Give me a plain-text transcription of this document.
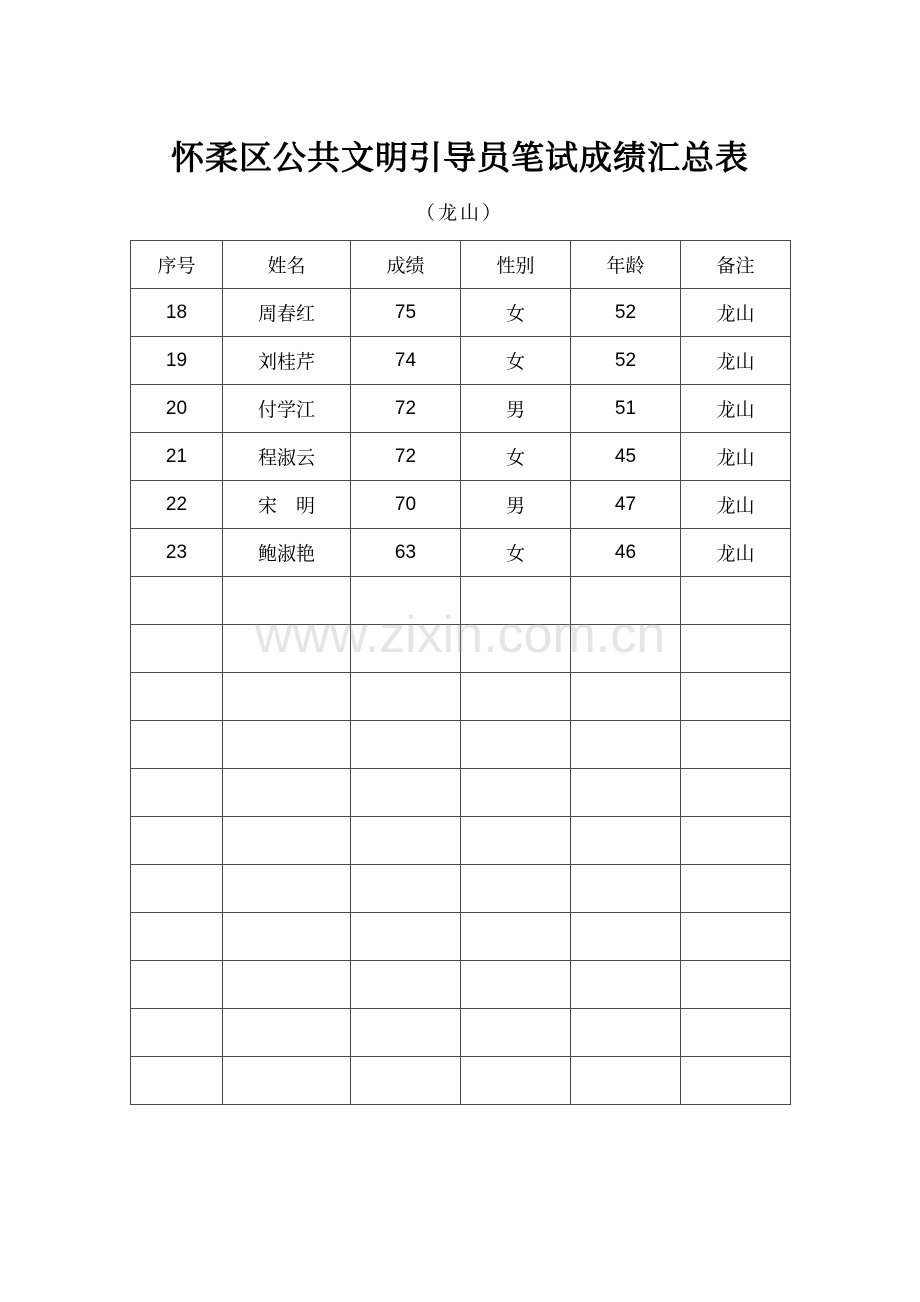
怀柔区公共文明引导员笔试成绩汇总表
（龙山）
序号	姓名	成绩	性别	年龄	备注
18	周春红	75	女	52	龙山
19	刘桂芹	74	女	52	龙山
20	付学江	72	男	51	龙山
21	程淑云	72	女	45	龙山
22	宋　明	70	男	47	龙山
23	鲍淑艳	63	女	46	龙山

www.zixin.com.cn
